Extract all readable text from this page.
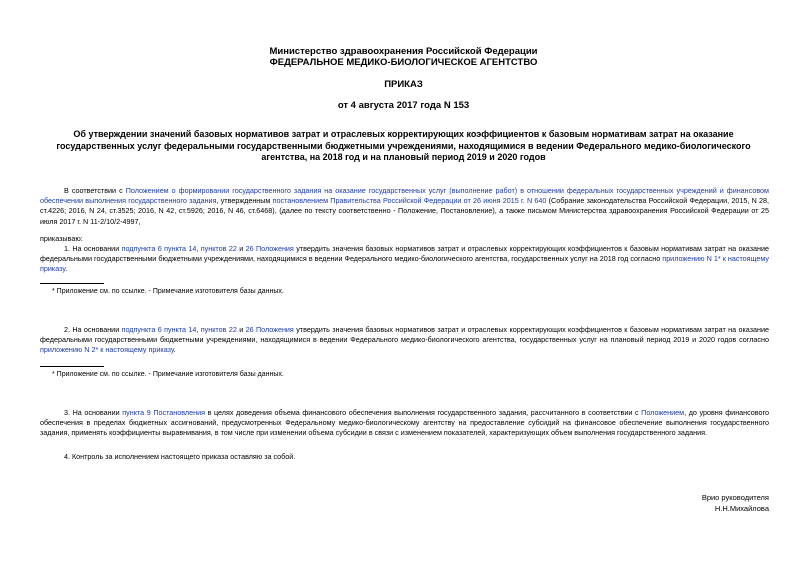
Министерство здравоохранения Российской Федерации
ФЕДЕРАЛЬНОЕ МЕДИКО-БИОЛОГИЧЕСКОЕ АГЕНТСТВО
ПРИКАЗ
от 4 августа 2017 года N 153
Об утверждении значений базовых нормативов затрат и отраслевых корректирующих коэффициентов к базовым нормативам затрат на оказание государственных услуг федеральными государственными бюджетными учреждениями, находящимися в ведении Федерального медико-биологического агентства, на 2018 год и на плановый период 2019 и 2020 годов
В соответствии с Положением о формировании государственного задания на оказание государственных услуг (выполнение работ) в отношении федеральных государственных учреждений и финансовом обеспечении выполнения государственного задания, утвержденным постановлением Правительства Российской Федерации от 26 июня 2015 г. N 640 (Собрание законодательства Российской Федерации, 2015, N 28, ст.4226; 2016, N 24, ст.3525; 2016, N 42, ст.5926; 2016, N 46, ст.6468), (далее по тексту соответственно - Положение, Постановление), а также письмом Министерства здравоохранения Российской Федерации от 25 июля 2017 г. N 11-2/10/2-4997,
приказываю:
1. На основании подпункта 6 пункта 14, пунктов 22 и 26 Положения утвердить значения базовых нормативов затрат и отраслевых корректирующих коэффициентов к базовым нормативам затрат на оказание федеральными государственными бюджетными учреждениями, находящимися в ведении Федерального медико-биологического агентства, государственных услуг на 2018 год согласно приложению N 1* к настоящему приказу.
* Приложение см. по ссылке. - Примечание изготовителя базы данных.
2. На основании подпункта 6 пункта 14, пунктов 22 и 26 Положения утвердить значения базовых нормативов затрат и отраслевых корректирующих коэффициентов к базовым нормативам затрат на оказание федеральными государственными бюджетными учреждениями, находящимися в ведении Федерального медико-биологического агентства, государственных услуг на плановый период 2019 и 2020 годов согласно приложению N 2* к настоящему приказу.
* Приложение см. по ссылке. - Примечание изготовителя базы данных.
3. На основании пункта 9 Постановления в целях доведения объема финансового обеспечения выполнения государственного задания, рассчитанного в соответствии с Положением, до уровня финансового обеспечения в пределах бюджетных ассигнований, предусмотренных Федеральному медико-биологическому агентству на предоставление субсидий на финансовое обеспечение выполнения государственного задания, применять коэффициенты выравнивания, в том числе при изменении объема субсидии в связи с изменением показателей, характеризующих объем выполнения государственного задания.
4. Контроль за исполнением настоящего приказа оставляю за собой.
Врио руководителя
Н.Н.Михайлова
